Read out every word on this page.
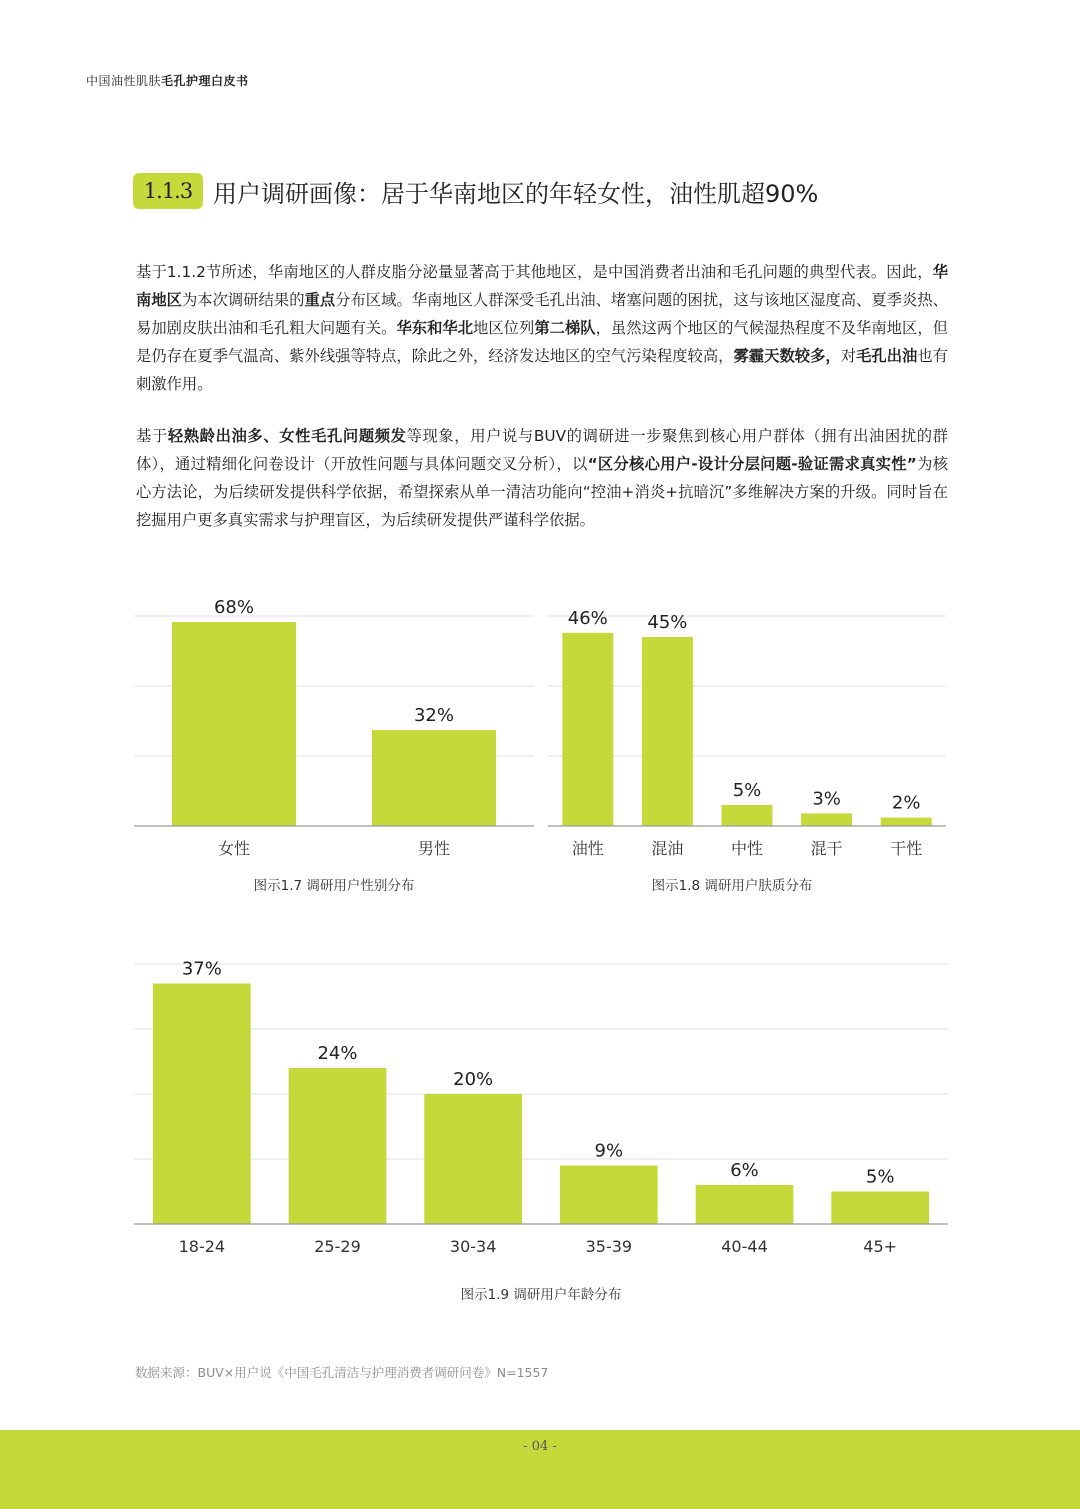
中国油性肌肤毛孔护理白皮书
1.1.3 用户调研画像：居于华南地区的年轻女性，油性肌超90%
基于1.1.2节所述，华南地区的人群皮脂分泌量显著高于其他地区，是中国消费者出油和毛孔问题的典型代表。因此，华南地区为本次调研结果的重点分布区域。华南地区人群深受毛孔出油、堵塞问题的困扰，这与该地区湿度高、夏季炎热、易加剧皮肤出油和毛孔粗大问题有关。华东和华北地区位列第二梯队，虽然这两个地区的气候湿热程度不及华南地区，但是仍存在夏季气温高、紫外线强等特点，除此之外，经济发达地区的空气污染程度较高，雾霾天数较多，对毛孔出油也有刺激作用。
基于轻熟龄出油多、女性毛孔问题频发等现象，用户说与BUV的调研进一步聚焦到核心用户群体（拥有出油困扰的群体），通过精细化问卷设计（开放性问题与具体问题交叉分析），以“区分核心用户-设计分层问题-验证需求真实性”为核心方法论，为后续研发提供科学依据，希望探索从单一清洁功能向“控油+消炎+抗暗沉”多维解决方案的升级。同时旨在挖掘用户更多真实需求与护理盲区，为后续研发提供严谨科学依据。
68%
女性
32%
男性
图示1.7 调研用户性别分布
46%
油性
45%
混油
5%
中性
3%
混干
2%
干性
图示1.8 调研用户肤质分布
37%
18-24
24%
25-29
20%
30-34
9%
35-39
6%
40-44
5%
45+
图示1.9 调研用户年龄分布
数据来源：BUV×用户说《中国毛孔清洁与护理消费者调研问卷》N=1557
- 04 -
